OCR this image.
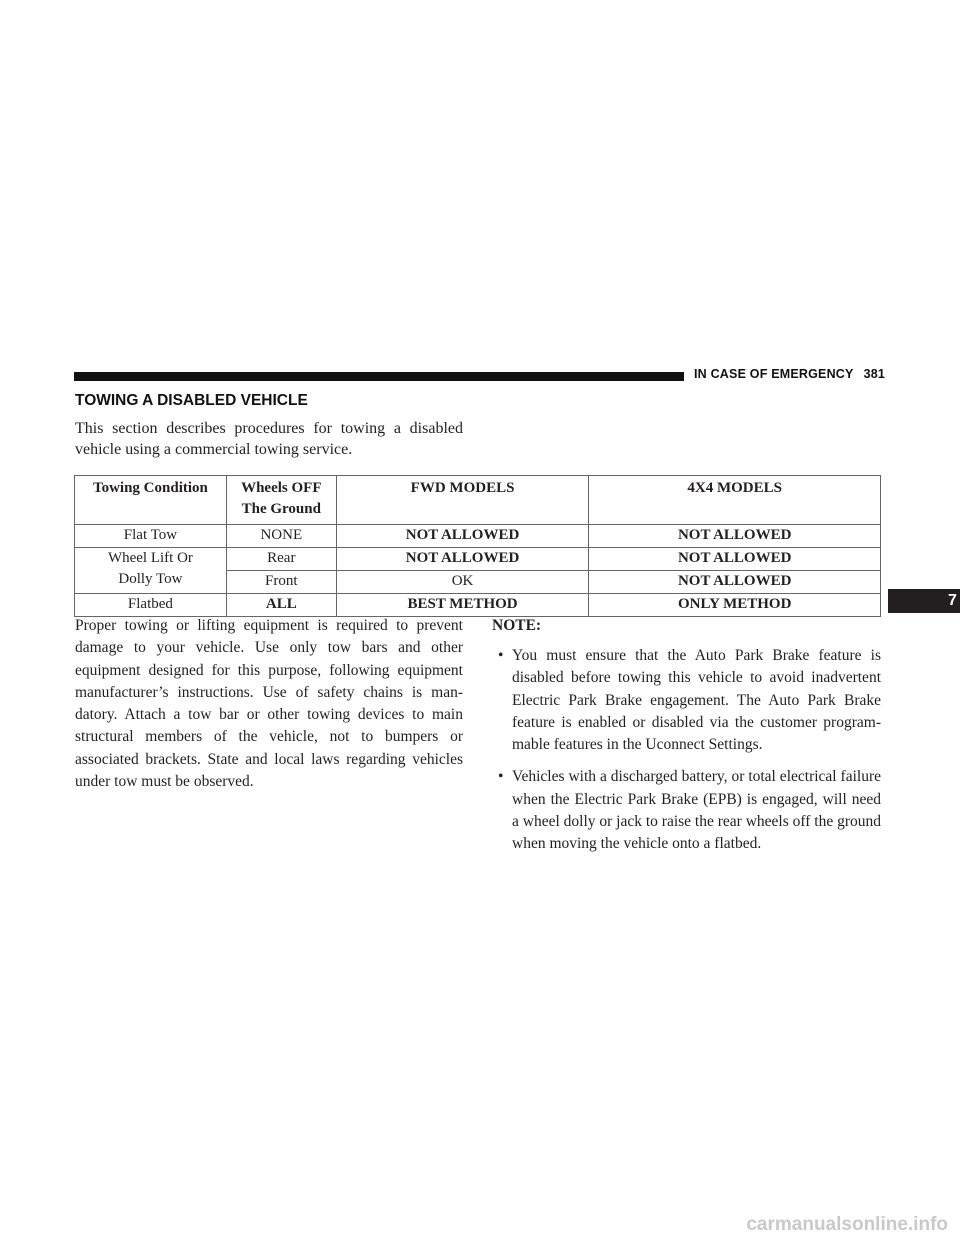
IN CASE OF EMERGENCY 381
TOWING A DISABLED VEHICLE
This section describes procedures for towing a disabled vehicle using a commercial towing service.
Towing Condition	Wheels OFF The Ground	FWD MODELS	4X4 MODELS
Flat Tow	NONE	NOT ALLOWED	NOT ALLOWED
Wheel Lift Or Dolly Tow	Rear	NOT ALLOWED	NOT ALLOWED
	Front	OK	NOT ALLOWED
Flatbed	ALL	BEST METHOD	ONLY METHOD
Proper towing or lifting equipment is required to prevent damage to your vehicle. Use only tow bars and other equipment designed for this purpose, following equipment manufacturer’s instructions. Use of safety chains is mandatory. Attach a tow bar or other towing devices to main structural members of the vehicle, not to bumpers or associated brackets. State and local laws regarding vehicles under tow must be observed.
NOTE:
• You must ensure that the Auto Park Brake feature is disabled before towing this vehicle to avoid inadvertent Electric Park Brake engagement. The Auto Park Brake feature is enabled or disabled via the customer programmable features in the Uconnect Settings.
• Vehicles with a discharged battery, or total electrical failure when the Electric Park Brake (EPB) is engaged, will need a wheel dolly or jack to raise the rear wheels off the ground when moving the vehicle onto a flatbed.
7
carmanualsonline.info
